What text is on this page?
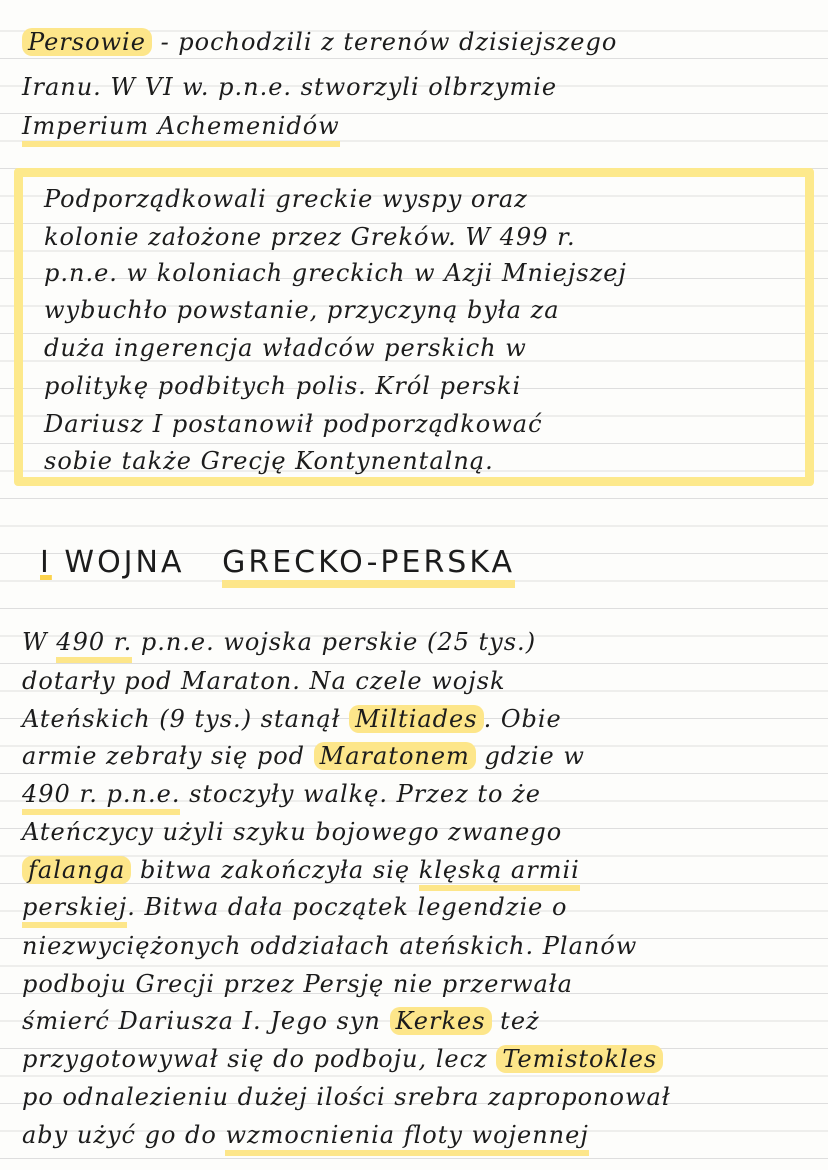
Persowie - pochodzili z terenów dzisiejszego
Iranu. W VI w. p.n.e. stworzyli olbrzymie
Imperium Achemenidów
Podporządkowali greckie wyspy oraz
kolonie założone przez Greków. W 499 r.
p.n.e. w koloniach greckich w Azji Mniejszej
wybuchło powstanie, przyczyną była za
duża ingerencja władców perskich w
politykę podbitych polis. Król perski
Dariusz I postanowił podporządkować
sobie także Grecję Kontynentalną.
I WOJNA GRECKO-PERSKA
W 490 r. p.n.e. wojska perskie (25 tys.)
dotarły pod Maraton. Na czele wojsk
Ateńskich (9 tys.) stanął Miltiades . Obie
armie zebrały się pod Maratonem gdzie w
490 r. p.n.e. stoczyły walkę. Przez to że
Ateńczycy użyli szyku bojowego zwanego
falanga bitwa zakończyła się klęską armii
perskiej. Bitwa dała początek legendzie o
niezwyciężonych oddziałach ateńskich. Planów
podboju Grecji przez Persję nie przerwała
śmierć Dariusza I. Jego syn Kerkes też
przygotowywał się do podboju, lecz Temistokles
po odnalezieniu dużej ilości srebra zaproponował
aby użyć go do wzmocnienia floty wojennej
